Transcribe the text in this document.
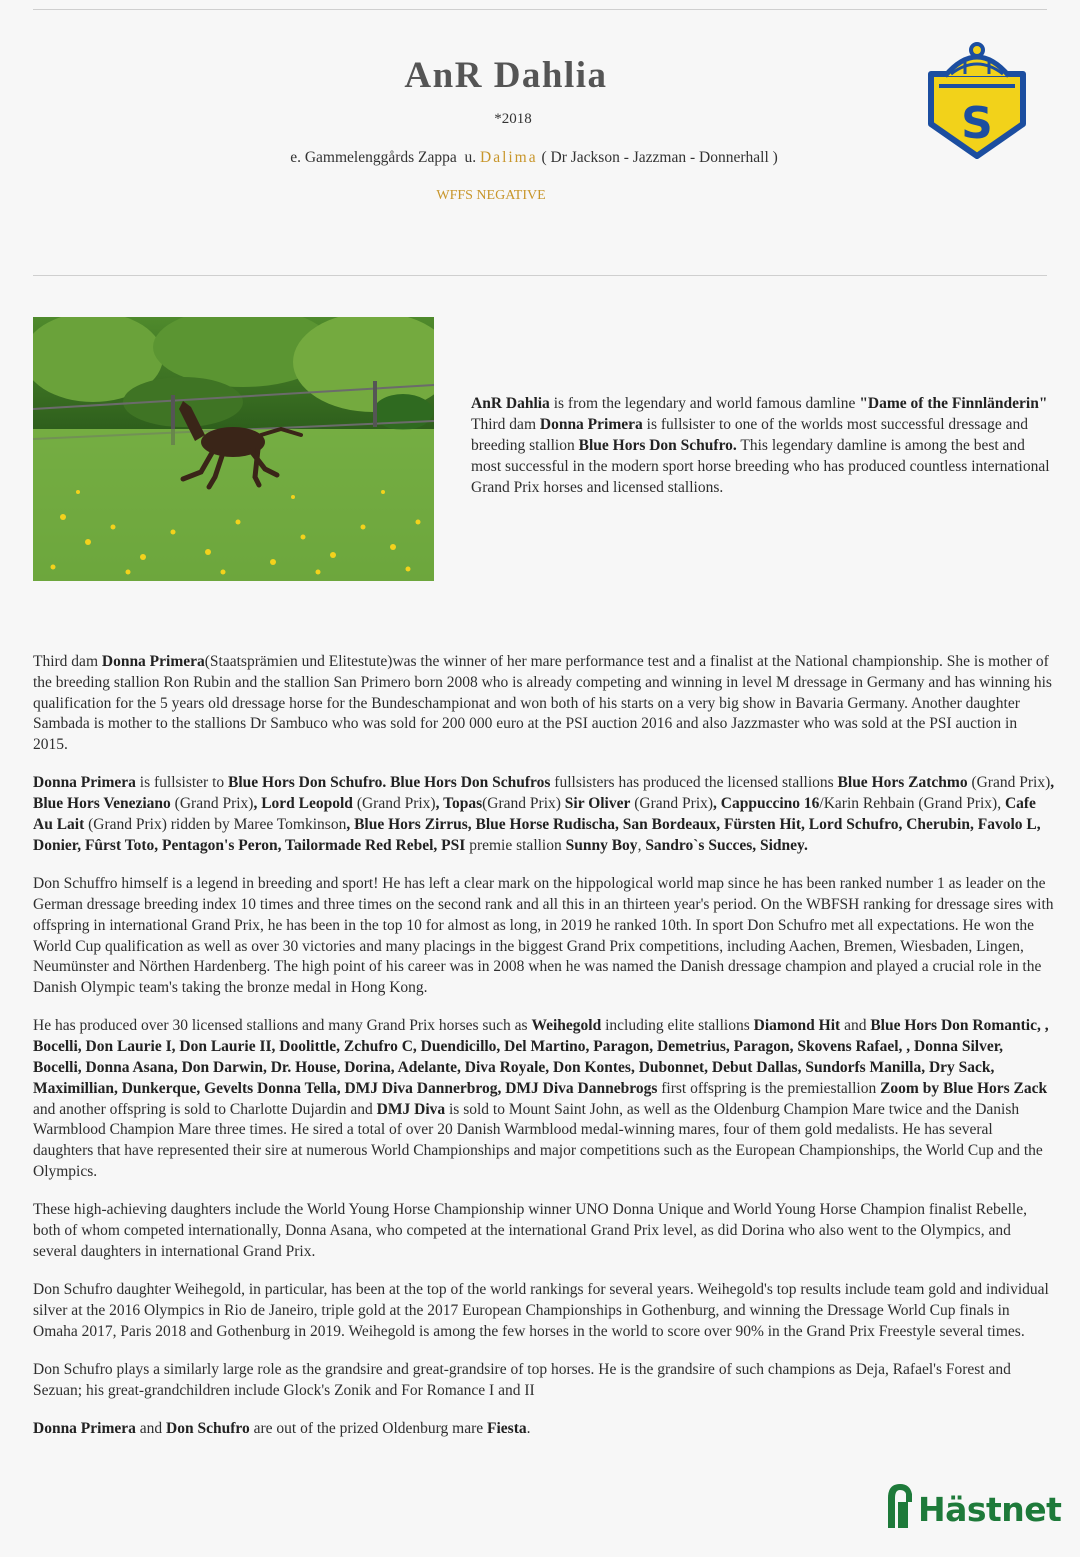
AnR Dahlia
*2018
e. Gammelenggårds Zappa  u. Dalima ( Dr Jackson - Jazzman - Donnerhall )
WFFS NEGATIVE
S
AnR Dahlia is from the legendary and world famous damline "Dame of the Finnländerin" Third dam Donna Primera is fullsister to one of the worlds most successful dressage and breeding stallion Blue Hors Don Schufro. This legendary damline is among the best and most successful in the modern sport horse breeding who has produced countless international Grand Prix horses and licensed stallions.

Third dam Donna Primera(Staatsprämien und Elitestute)was the winner of her mare performance test and a finalist at the National championship. She is mother of the breeding stallion Ron Rubin and the stallion San Primero born 2008 who is already competing and winning in level M dressage in Germany and has winning his qualification for the 5 years old dressage horse for the Bundeschampionat and won both of his starts on a very big show in Bavaria Germany. Another daughter Sambada is mother to the stallions Dr Sambuco who was sold for 200 000 euro at the PSI auction 2016 and also Jazzmaster who was sold at the PSI auction in 2015.

Donna Primera is fullsister to Blue Hors Don Schufro. Blue Hors Don Schufros fullsisters has produced the licensed stallions Blue Hors Zatchmo (Grand Prix), Blue Hors Veneziano (Grand Prix), Lord Leopold (Grand Prix), Topas(Grand Prix) Sir Oliver (Grand Prix), Cappuccino 16/Karin Rehbain (Grand Prix), Cafe Au Lait (Grand Prix) ridden by Maree Tomkinson, Blue Hors Zirrus, Blue Horse Rudischa, San Bordeaux, Fürsten Hit, Lord Schufro, Cherubin, Favolo L, Donier, Fûrst Toto, Pentagon's Peron, Tailormade Red Rebel, PSI premie stallion Sunny Boy, Sandro`s Succes, Sidney.

Don Schuffro himself is a legend in breeding and sport! He has left a clear mark on the hippological world map since he has been ranked number 1 as leader on the German dressage breeding index 10 times and three times on the second rank and all this in an thirteen year's period. On the WBFSH ranking for dressage sires with offspring in international Grand Prix, he has been in the top 10 for almost as long, in 2019 he ranked 10th. In sport Don Schufro met all expectations. He won the World Cup qualification as well as over 30 victories and many placings in the biggest Grand Prix competitions, including Aachen, Bremen, Wiesbaden, Lingen, Neumünster and Nörthen Hardenberg. The high point of his career was in 2008 when he was named the Danish dressage champion and played a crucial role in the Danish Olympic team's taking the bronze medal in Hong Kong.

He has produced over 30 licensed stallions and many Grand Prix horses such as Weihegold including elite stallions Diamond Hit and Blue Hors Don Romantic, , Bocelli, Don Laurie I, Don Laurie II, Doolittle, Zchufro C, Duendicillo, Del Martino, Paragon, Demetrius, Paragon, Skovens Rafael, , Donna Silver, Bocelli, Donna Asana, Don Darwin, Dr. House, Dorina, Adelante, Diva Royale, Don Kontes, Dubonnet, Debut Dallas, Sundorfs Manilla, Dry Sack, Maximillian, Dunkerque, Gevelts Donna Tella, DMJ Diva Dannerbrog, DMJ Diva Dannebrogs first offspring is the premiestallion Zoom by Blue Hors Zack and another offspring is sold to Charlotte Dujardin and DMJ Diva is sold to Mount Saint John, as well as the Oldenburg Champion Mare twice and the Danish Warmblood Champion Mare three times. He sired a total of over 20 Danish Warmblood medal-winning mares, four of them gold medalists. He has several daughters that have represented their sire at numerous World Championships and major competitions such as the European Championships, the World Cup and the Olympics.

These high-achieving daughters include the World Young Horse Championship winner UNO Donna Unique and World Young Horse Champion finalist Rebelle, both of whom competed internationally, Donna Asana, who competed at the international Grand Prix level, as did Dorina who also went to the Olympics, and several daughters in international Grand Prix.

Don Schufro daughter Weihegold, in particular, has been at the top of the world rankings for several years. Weihegold's top results include team gold and individual silver at the 2016 Olympics in Rio de Janeiro, triple gold at the 2017 European Championships in Gothenburg, and winning the Dressage World Cup finals in Omaha 2017, Paris 2018 and Gothenburg in 2019. Weihegold is among the few horses in the world to score over 90% in the Grand Prix Freestyle several times.

Don Schufro plays a similarly large role as the grandsire and great-grandsire of top horses. He is the grandsire of such champions as Deja, Rafael's Forest and Sezuan; his great-grandchildren include Glock's Zonik and For Romance I and II

Donna Primera and Don Schufro are out of the prized Oldenburg mare Fiesta.

Hästnet
